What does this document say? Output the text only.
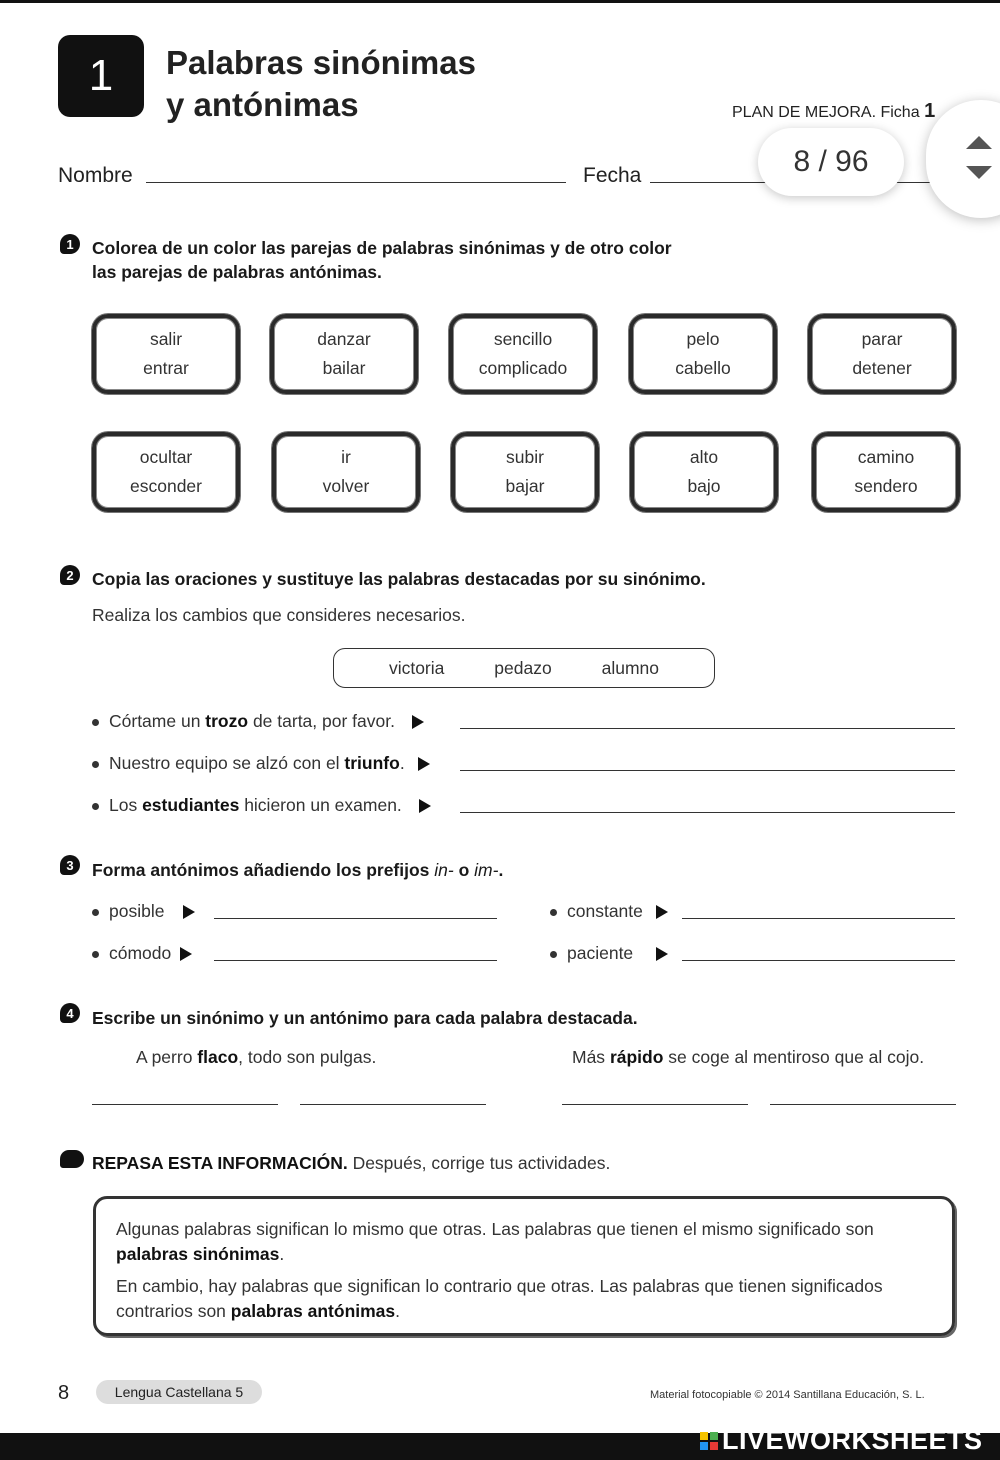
1 Palabras sinónimas
y antónimas	PLAN DE MEJORA. Ficha 1
Nombre	Fecha	8 / 96
1	Colorea de un color las parejas de palabras sinónimas y de otro color
las parejas de palabras antónimas.
salir
entrar
danzar
bailar
sencillo
complicado
pelo
cabello
parar
detener
ocultar
esconder
ir
volver
subir
bajar
alto
bajo
camino
sendero
2	Copia las oraciones y sustituye las palabras destacadas por su sinónimo.
Realiza los cambios que consideres necesarios.
victoria	pedazo	alumno
Córtame un trozo de tarta, por favor.
Nuestro equipo se alzó con el triunfo.
Los estudiantes hicieron un examen.
3	Forma antónimos añadiendo los prefijos in- o im-.
posible	constante
cómodo	paciente
4	Escribe un sinónimo y un antónimo para cada palabra destacada.
A perro flaco, todo son pulgas.	Más rápido se coge al mentiroso que al cojo.
REPASA ESTA INFORMACIÓN. Después, corrige tus actividades.

Algunas palabras significan lo mismo que otras. Las palabras que tienen el mismo significado son palabras sinónimas.

En cambio, hay palabras que significan lo contrario que otras. Las palabras que tienen significados contrarios son palabras antónimas.

8	Lengua Castellana 5	Material fotocopiable © 2014 Santillana Educación, S. L.
LIVEWORKSHEETS
